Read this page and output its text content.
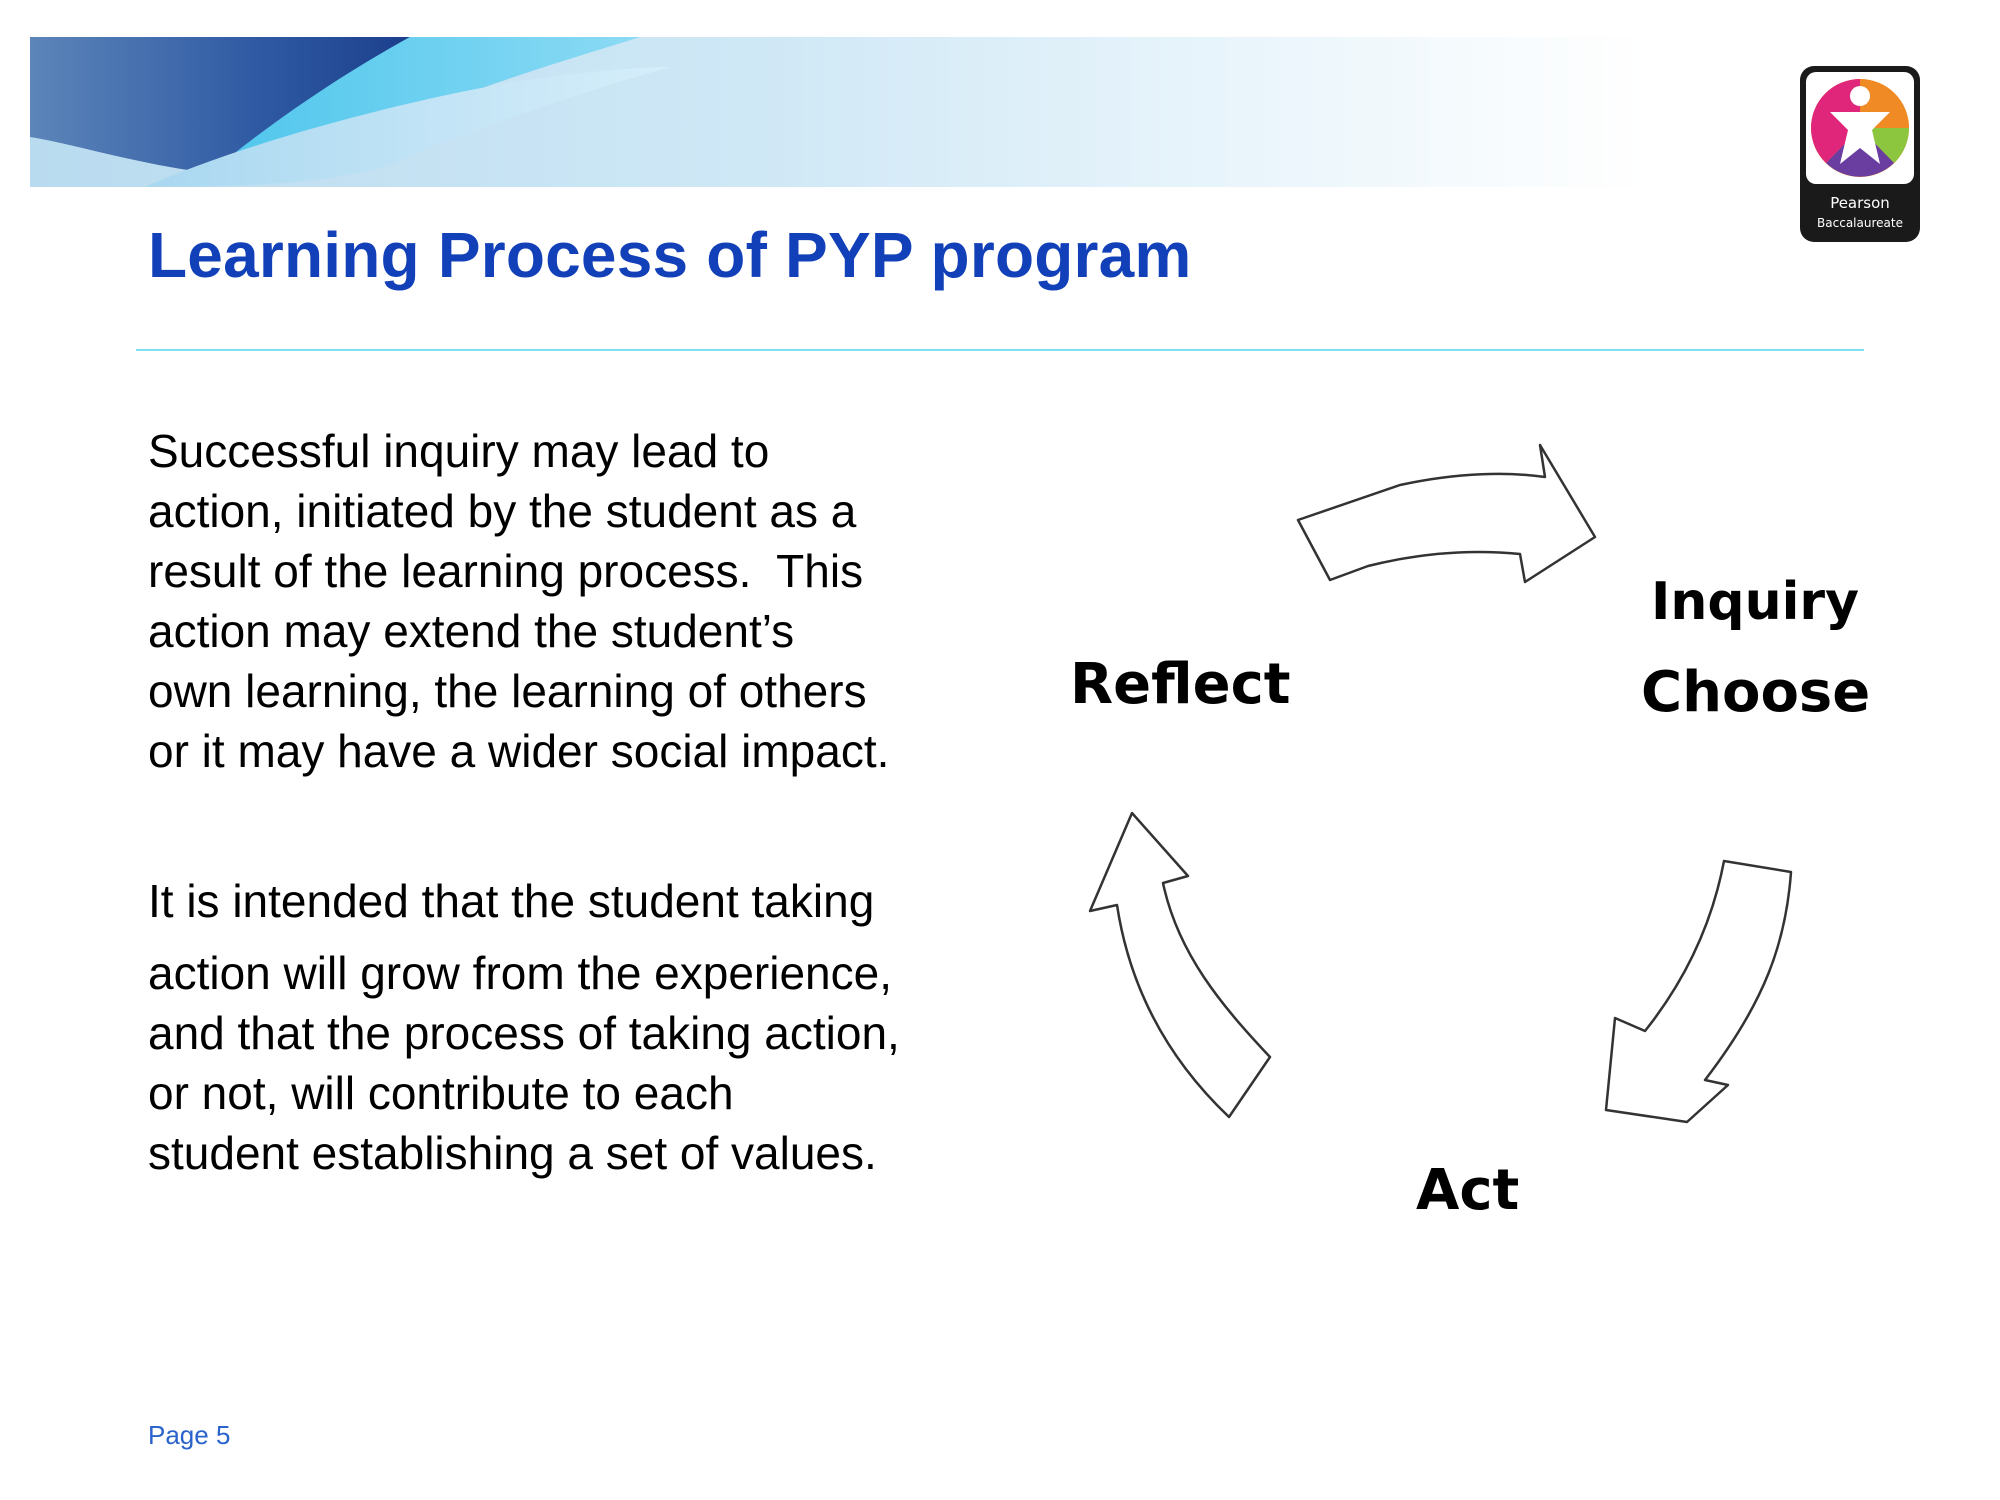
Pearson
Baccalaureate
Learning Process of PYP program
Successful inquiry may lead to
action, initiated by the student as a
result of the learning process.  This
action may extend the student’s
own learning, the learning of others
or it may have a wider social impact.
It is intended that the student taking
action will grow from the experience,
and that the process of taking action,
or not, will contribute to each
student establishing a set of values.
Inquiry
Choose
Reflect
Act
Page 5
